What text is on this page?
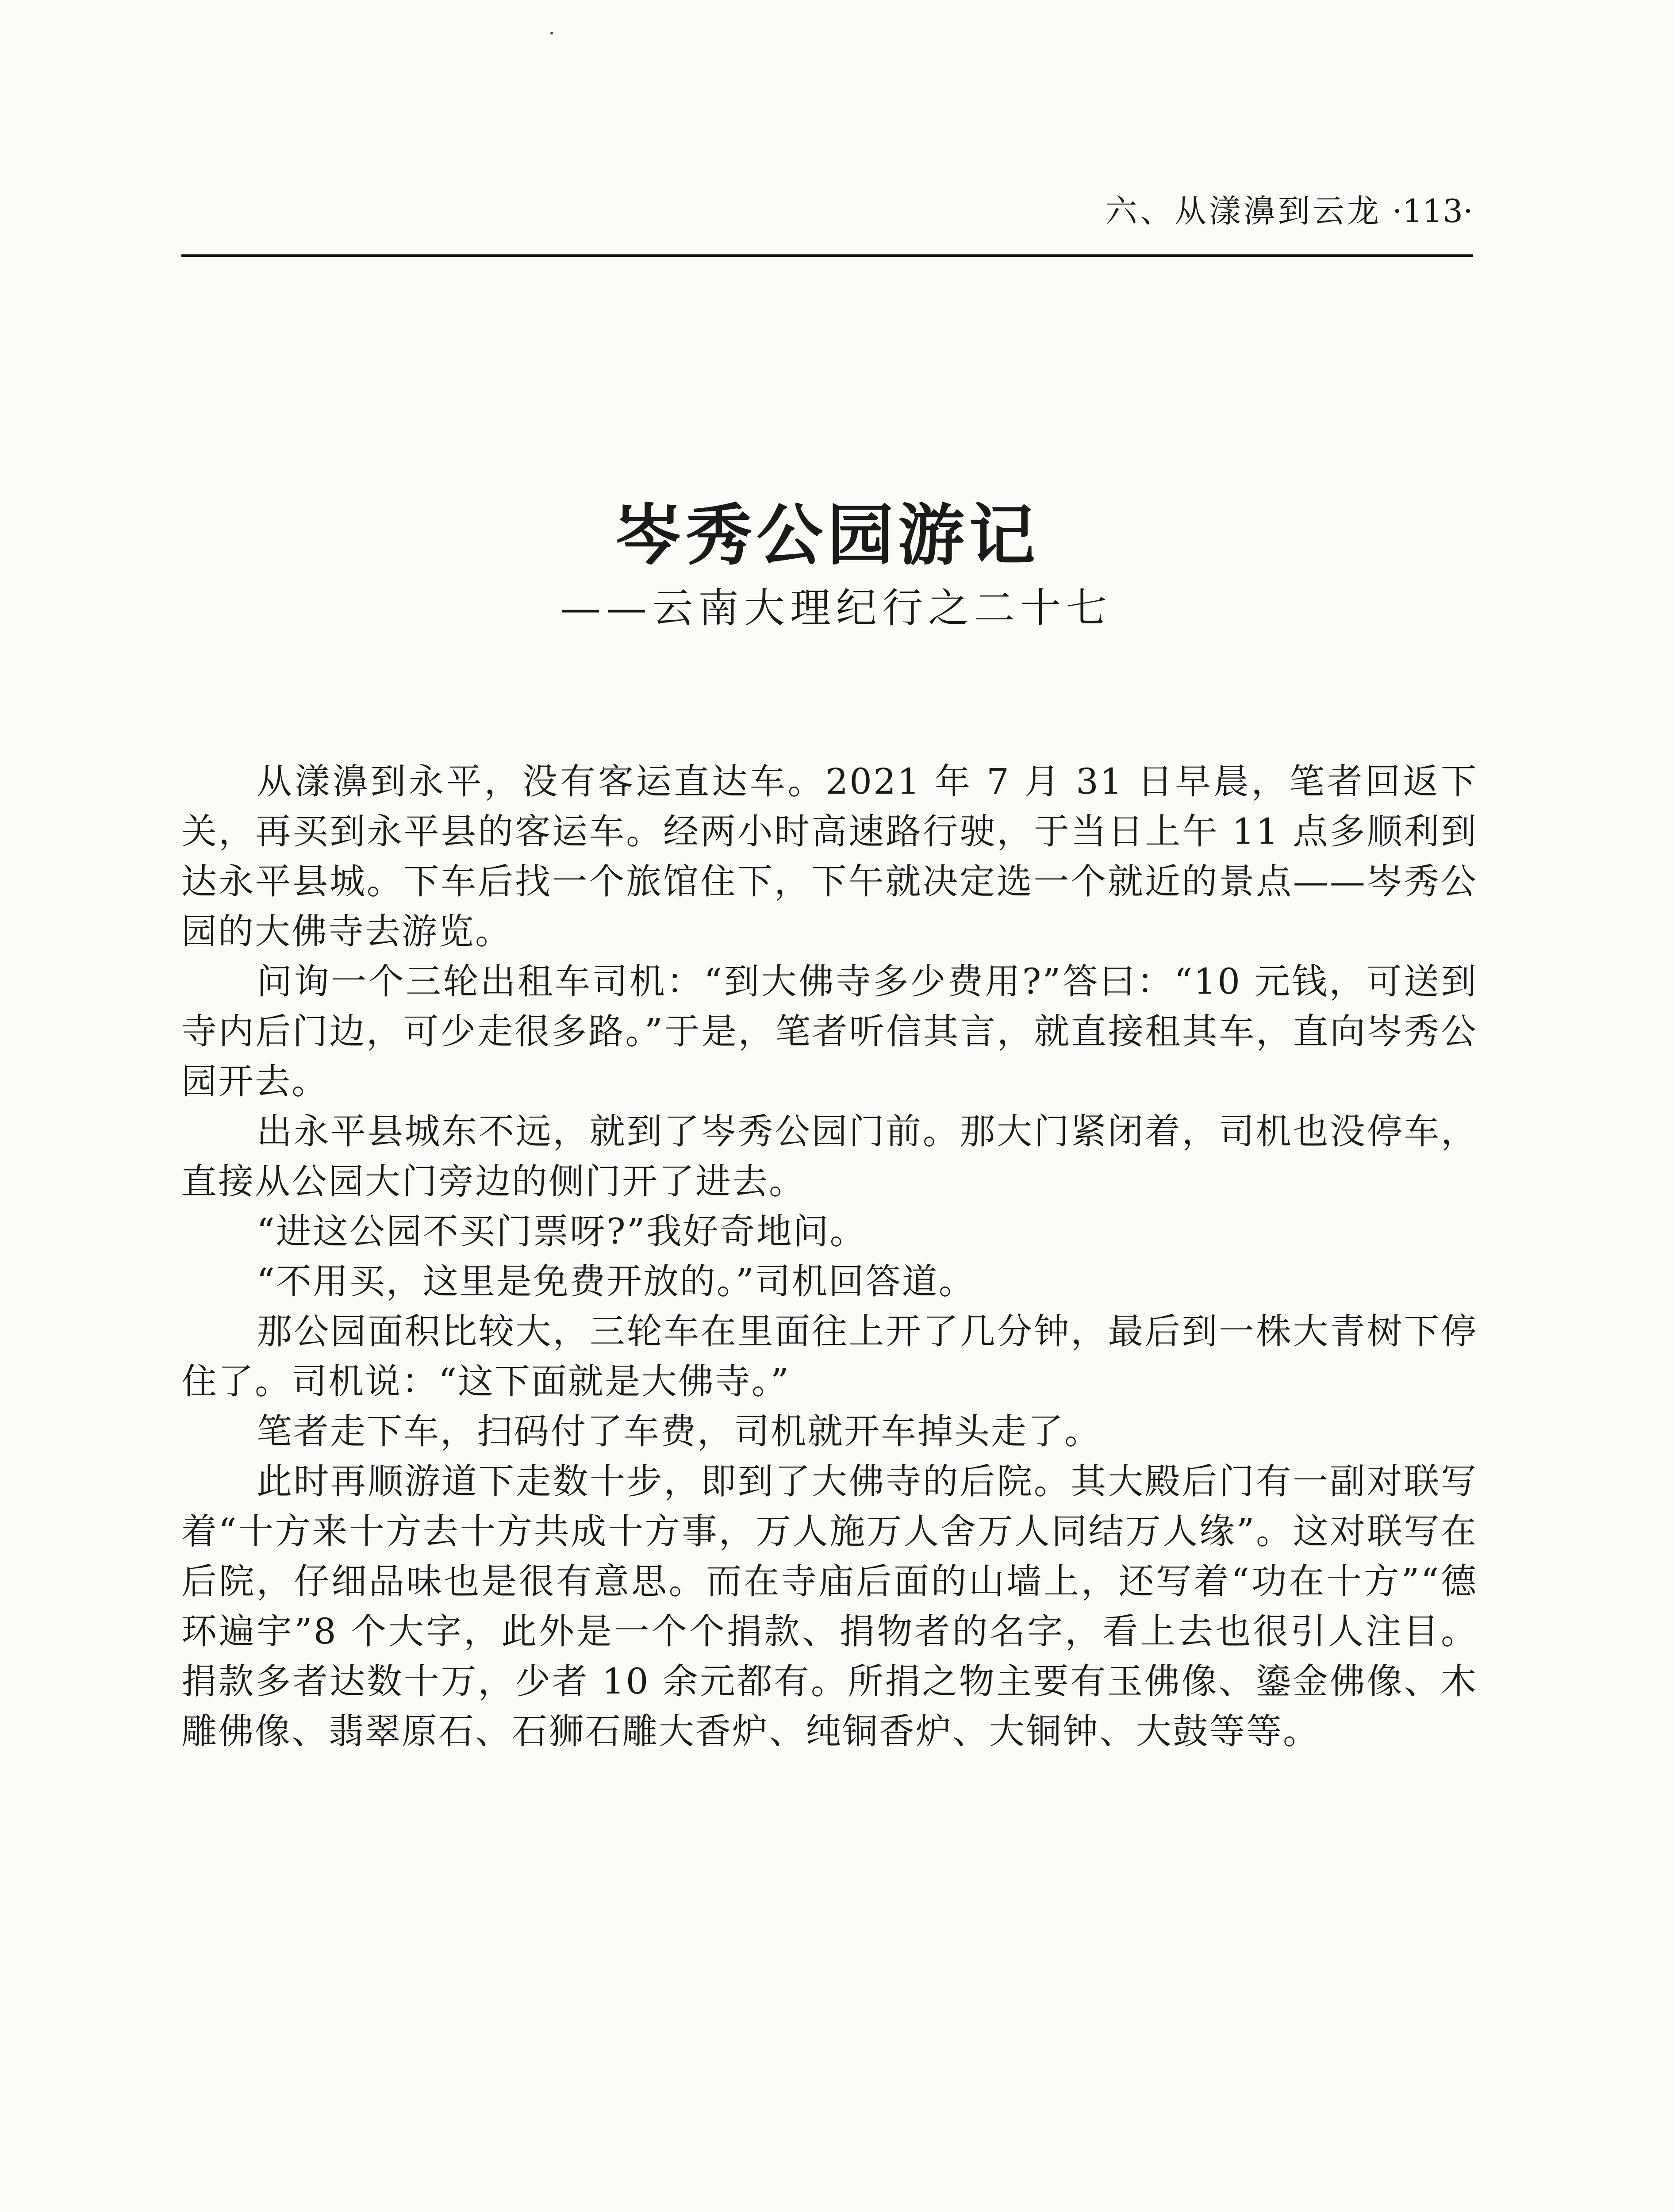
六、从漾濞到云龙 ·113·
岑秀公园游记
——云南大理纪行之二十七

从漾濞到永平，没有客运直达车。2021 年 7 月 31 日早晨，笔者回返下关，再买到永平县的客运车。经两小时高速路行驶，于当日上午 11 点多顺利到达永平县城。下车后找一个旅馆住下，下午就决定选一个就近的景点——岑秀公园的大佛寺去游览。

问询一个三轮出租车司机：“到大佛寺多少费用?”答曰：“10 元钱，可送到寺内后门边，可少走很多路。”于是，笔者听信其言，就直接租其车，直向岑秀公园开去。

出永平县城东不远，就到了岑秀公园门前。那大门紧闭着，司机也没停车，直接从公园大门旁边的侧门开了进去。

“进这公园不买门票呀?”我好奇地问。

“不用买，这里是免费开放的。”司机回答道。

那公园面积比较大，三轮车在里面往上开了几分钟，最后到一株大青树下停住了。司机说：“这下面就是大佛寺。”

笔者走下车，扫码付了车费，司机就开车掉头走了。

此时再顺游道下走数十步，即到了大佛寺的后院。其大殿后门有一副对联写着“十方来十方去十方共成十方事，万人施万人舍万人同结万人缘”。这对联写在后院，仔细品味也是很有意思。而在寺庙后面的山墙上，还写着“功在十方”“德环遍宇”8 个大字，此外是一个个捐款、捐物者的名字，看上去也很引人注目。捐款多者达数十万，少者 10 余元都有。所捐之物主要有玉佛像、鎏金佛像、木雕佛像、翡翠原石、石狮石雕大香炉、纯铜香炉、大铜钟、大鼓等等。
